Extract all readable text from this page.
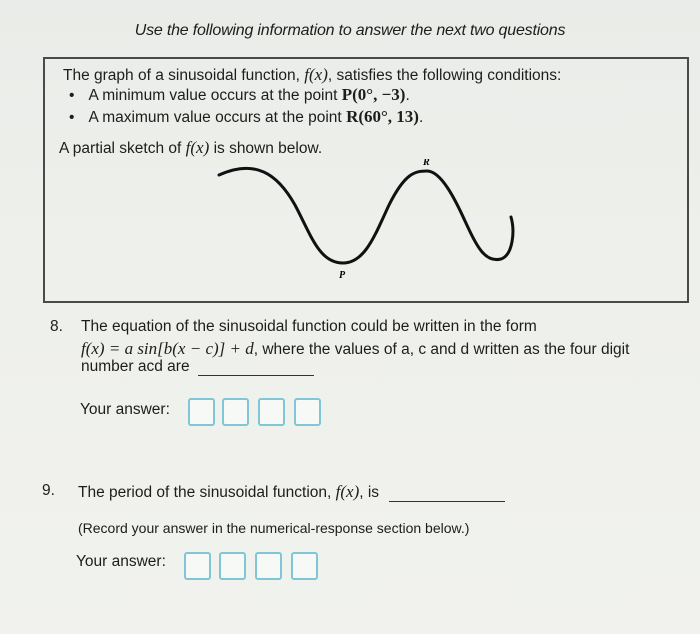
Use the following information to answer the next two questions
The graph of a sinusoidal function, f(x), satisfies the following conditions:
• A minimum value occurs at the point P(0°, −3).
• A maximum value occurs at the point R(60°, 13).
A partial sketch of f(x) is shown below.
R
P
8. The equation of the sinusoidal function could be written in the form
f(x) = a sin[b(x − c)] + d, where the values of a, c and d written as the four digit
number acd are
Your answer:
9. The period of the sinusoidal function, f(x), is
(Record your answer in the numerical-response section below.)
Your answer:
